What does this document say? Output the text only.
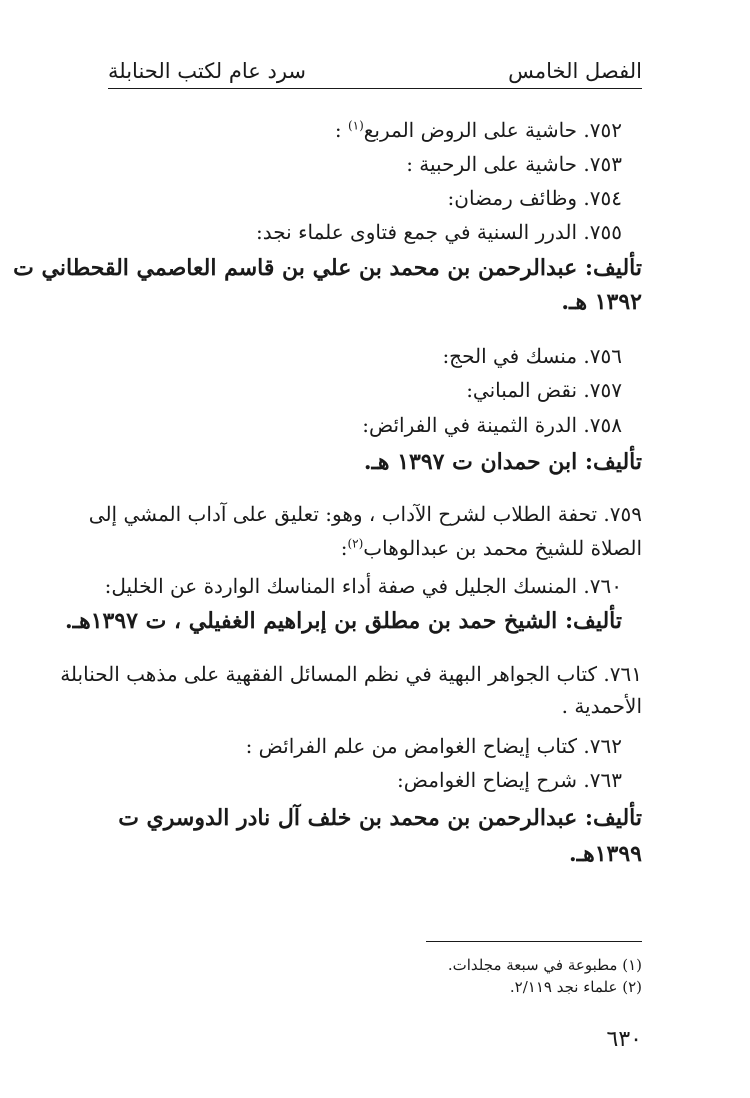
الفصل الخامس
سرد عام لكتب الحنابلة
٧٥٢. حاشية على الروض المربع$^{(١)}$ :
٧٥٣. حاشية على الرحبية :
٧٥٤. وظائف رمضان:
٧٥٥. الدرر السنية في جمع فتاوى علماء نجد:
تأليف: عبدالرحمن بن محمد بن علي بن قاسم العاصمي القحطاني ت
١٣٩٢ هـ.
٧٥٦. منسك في الحج:
٧٥٧. نقض المباني:
٧٥٨. الدرة الثمينة في الفرائض:
تأليف: ابن حمدان ت ١٣٩٧ هـ.
٧٥٩. تحفة الطلاب لشرح الآداب ، وهو: تعليق على آداب المشي إلى
الصلاة للشيخ محمد بن عبدالوهاب$^{(٢)}$:
٧٦٠. المنسك الجليل في صفة أداء المناسك الواردة عن الخليل:
تأليف: الشيخ حمد بن مطلق بن إبراهيم الغفيلي ، ت ١٣٩٧هـ.
٧٦١. كتاب الجواهر البهية في نظم المسائل الفقهية على مذهب الحنابلة
الأحمدية .
٧٦٢. كتاب إيضاح الغوامض من علم الفرائض :
٧٦٣. شرح إيضاح الغوامض:
تأليف: عبدالرحمن بن محمد بن خلف آل نادر الدوسري ت
١٣٩٩هـ.
(١) مطبوعة في سبعة مجلدات.
(٢) علماء نجد ٢/١١٩.
٦٣٠
